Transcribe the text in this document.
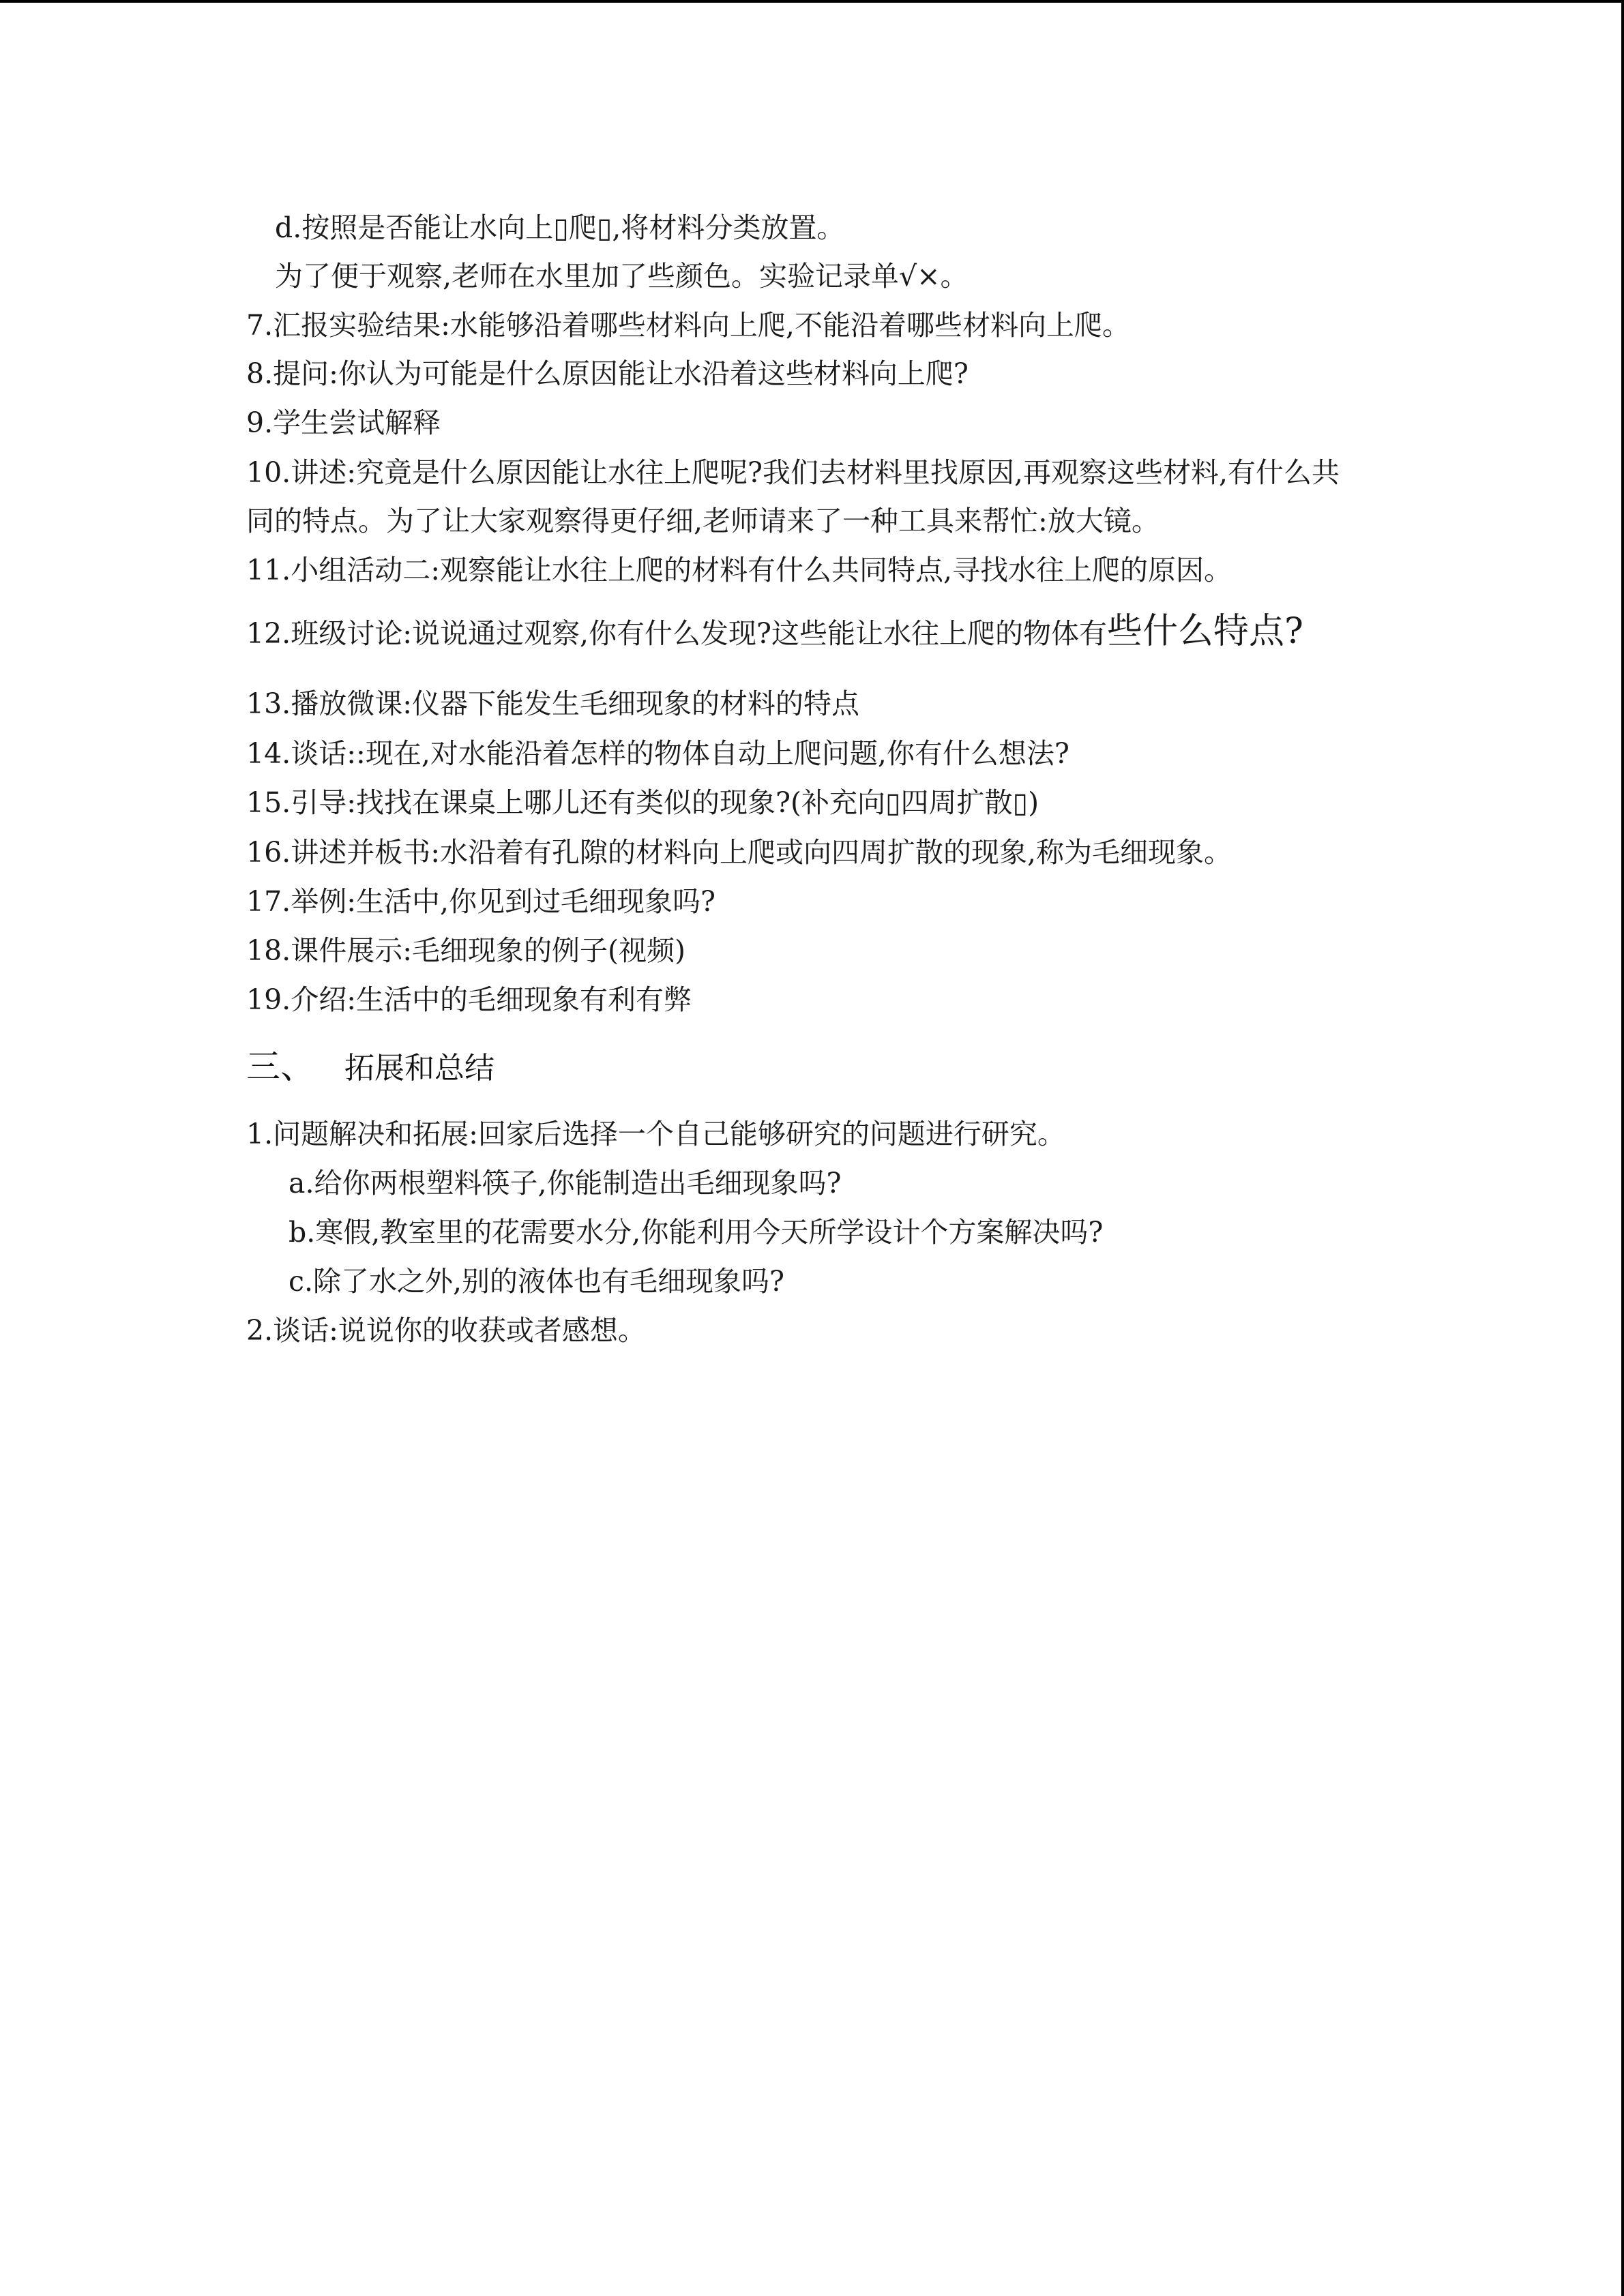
d.按照是否能让水向上▯爬▯,将材料分类放置。
为了便于观察,老师在水里加了些颜色。实验记录单√×。
7.汇报实验结果:水能够沿着哪些材料向上爬,不能沿着哪些材料向上爬。
8.提问:你认为可能是什么原因能让水沿着这些材料向上爬?
9.学生尝试解释
10.讲述:究竟是什么原因能让水往上爬呢?我们去材料里找原因,再观察这些材料,有什么共
同的特点。为了让大家观察得更仔细,老师请来了一种工具来帮忙:放大镜。
11.小组活动二:观察能让水往上爬的材料有什么共同特点,寻找水往上爬的原因。
12.班级讨论:说说通过观察,你有什么发现?这些能让水往上爬的物体有些什么特点?
13.播放微课:仪器下能发生毛细现象的材料的特点
14.谈话::现在,对水能沿着怎样的物体自动上爬问题,你有什么想法?
15.引导:找找在课桌上哪儿还有类似的现象?(补充向▯四周扩散▯)
16.讲述并板书:水沿着有孔隙的材料向上爬或向四周扩散的现象,称为毛细现象。
17.举例:生活中,你见到过毛细现象吗?
18.课件展示:毛细现象的例子(视频)
19.介绍:生活中的毛细现象有利有弊
三、 拓展和总结
1.问题解决和拓展:回家后选择一个自己能够研究的问题进行研究。
a.给你两根塑料筷子,你能制造出毛细现象吗?
b.寒假,教室里的花需要水分,你能利用今天所学设计个方案解决吗?
c.除了水之外,别的液体也有毛细现象吗?
2.谈话:说说你的收获或者感想。
